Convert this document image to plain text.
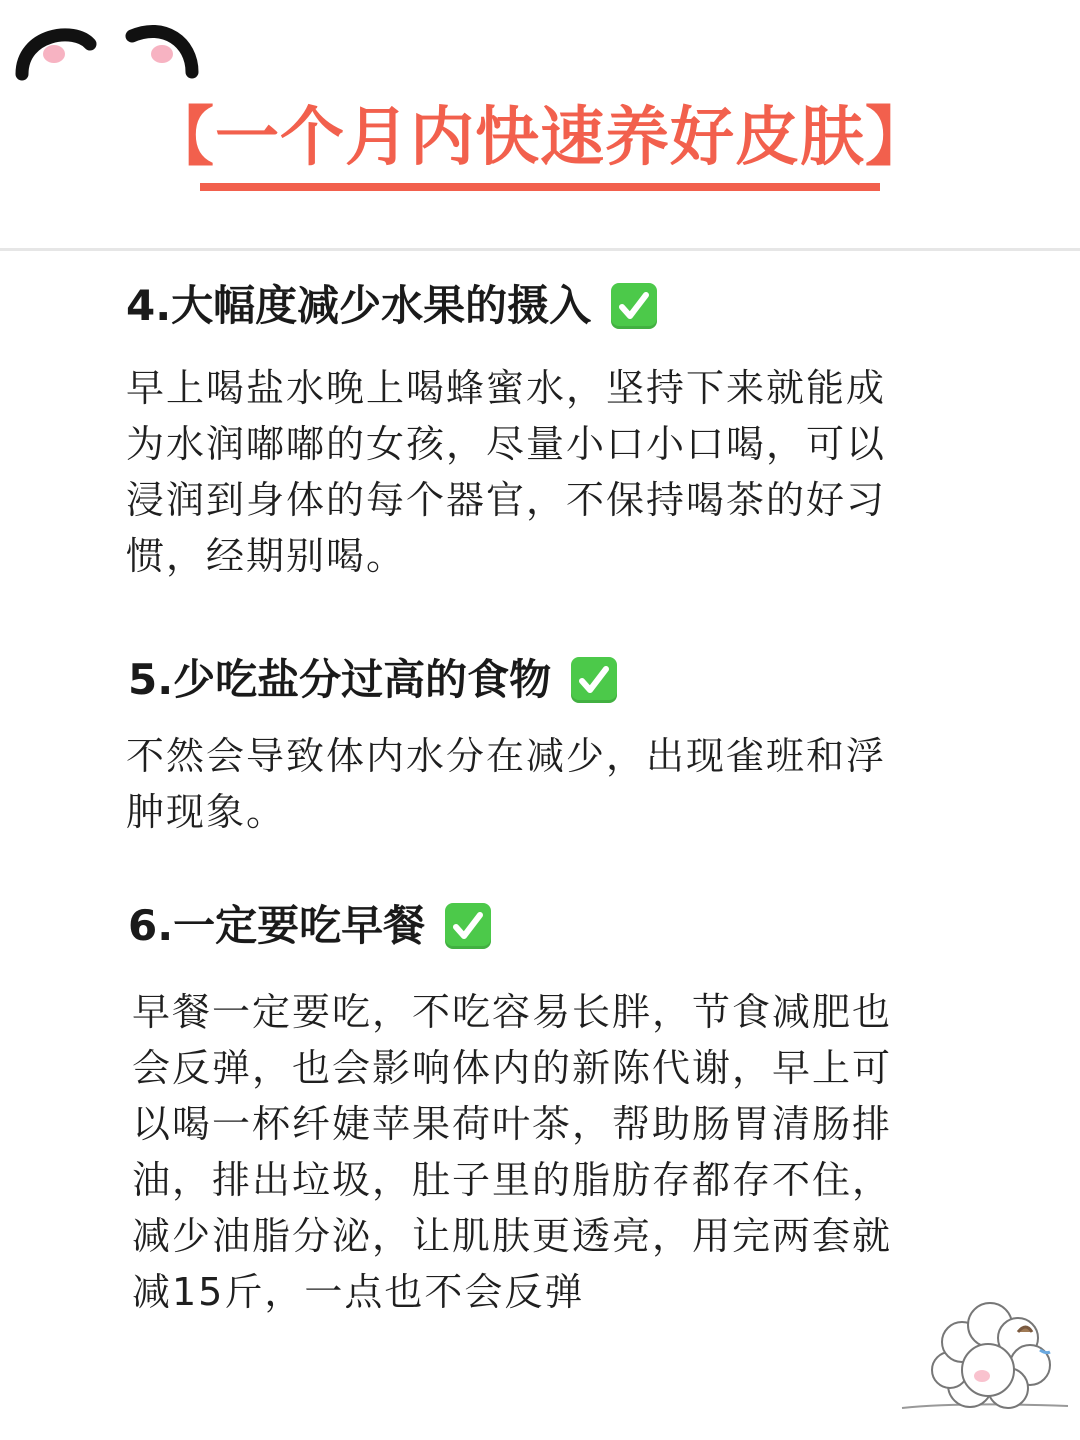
【一个月内快速养好皮肤】
4.大幅度减少水果的摄入
早上喝盐水晚上喝蜂蜜水，坚持下来就能成为水润嘟嘟的女孩，尽量小口小口喝，可以浸润到身体的每个器官，不保持喝茶的好习惯，经期别喝。
5.少吃盐分过高的食物
不然会导致体内水分在减少，出现雀班和浮肿现象。
6.一定要吃早餐
早餐一定要吃，不吃容易长胖，节食减肥也会反弹，也会影响体内的新陈代谢，早上可以喝一杯纤婕苹果荷叶茶，帮助肠胃清肠排油，排出垃圾，肚子里的脂肪存都存不住，减少油脂分泌，让肌肤更透亮，用完两套就减15斤，一点也不会反弹
